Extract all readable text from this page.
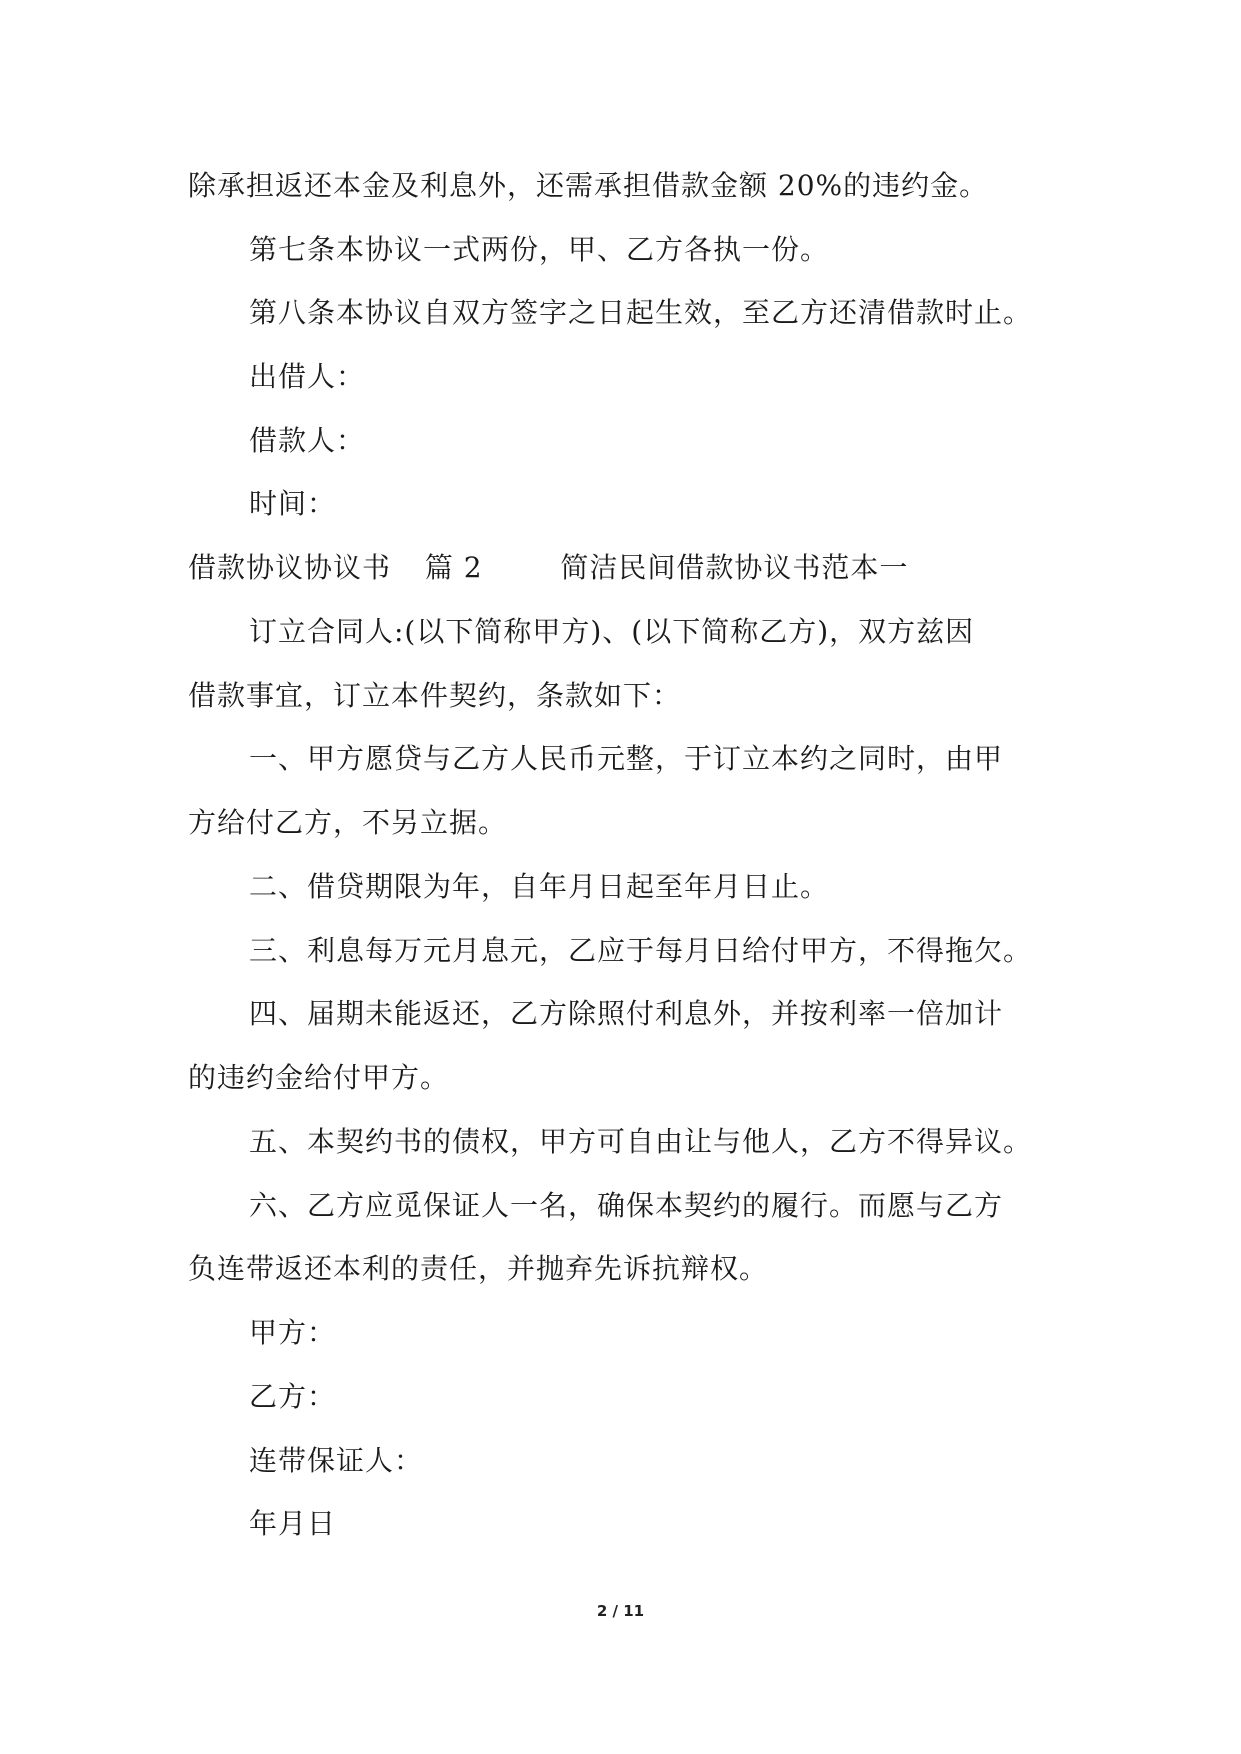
除承担返还本金及利息外，还需承担借款金额 20%的违约金。
第七条本协议一式两份，甲、乙方各执一份。
第八条本协议自双方签字之日起生效，至乙方还清借款时止。
出借人：
借款人：
时间：
借款协议协议书 篇 2	简洁民间借款协议书范本一
订立合同人:(以下简称甲方)、(以下简称乙方)，双方兹因
借款事宜，订立本件契约，条款如下：
一、甲方愿贷与乙方人民币元整，于订立本约之同时，由甲
方给付乙方，不另立据。
二、借贷期限为年，自年月日起至年月日止。
三、利息每万元月息元，乙应于每月日给付甲方，不得拖欠。
四、届期未能返还，乙方除照付利息外，并按利率一倍加计
的违约金给付甲方。
五、本契约书的债权，甲方可自由让与他人，乙方不得异议。
六、乙方应觅保证人一名，确保本契约的履行。而愿与乙方
负连带返还本利的责任，并抛弃先诉抗辩权。
甲方：
乙方：
连带保证人：
年月日
2 / 11
